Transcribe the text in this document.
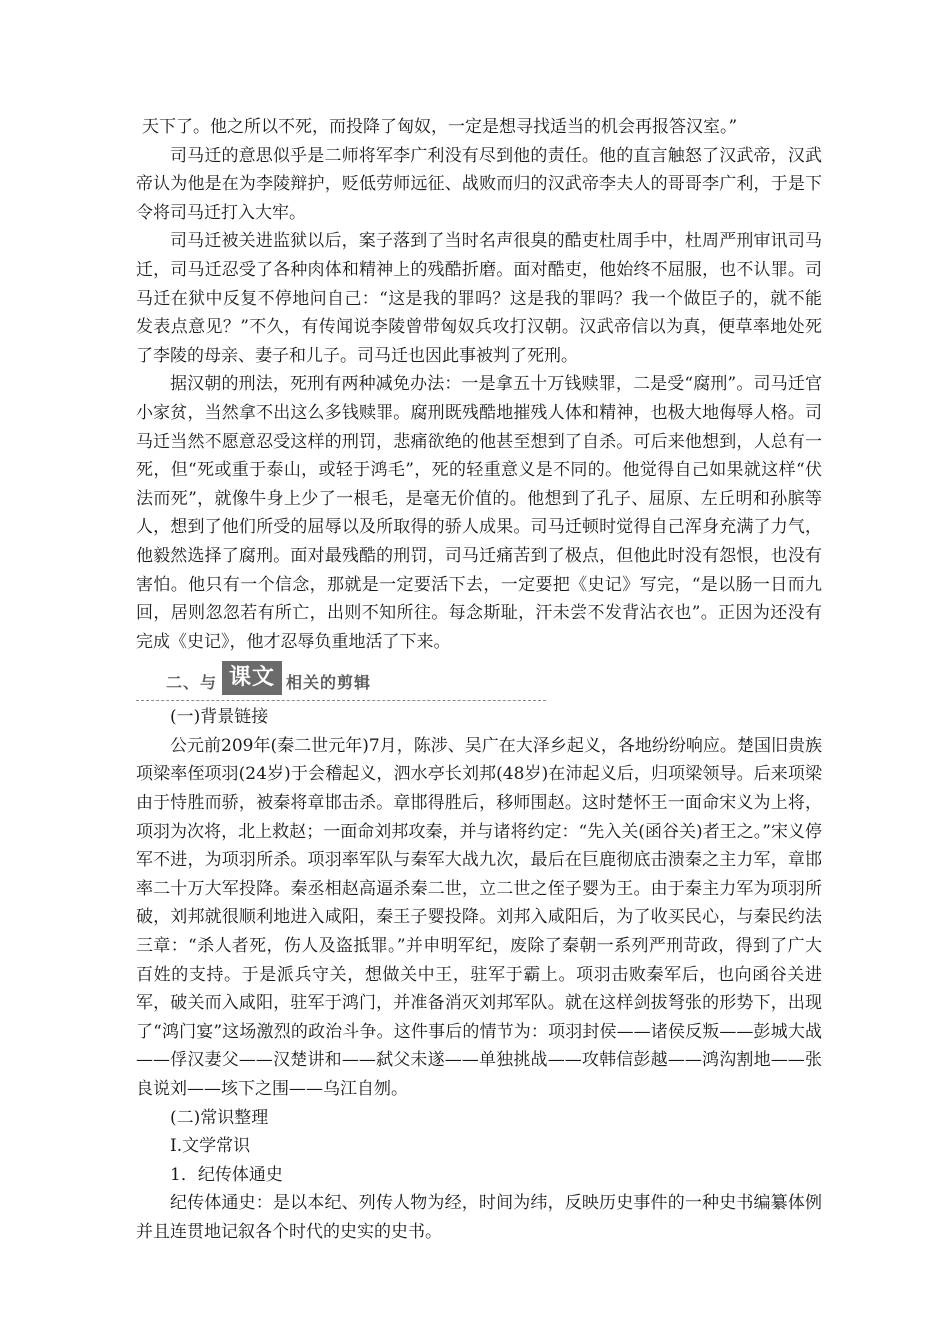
天下了。他之所以不死，而投降了匈奴，一定是想寻找适当的机会再报答汉室。”

司马迁的意思似乎是二师将军李广利没有尽到他的责任。他的直言触怒了汉武帝，汉武帝认为他是在为李陵辩护，贬低劳师远征、战败而归的汉武帝李夫人的哥哥李广利，于是下令将司马迁打入大牢。

司马迁被关进监狱以后，案子落到了当时名声很臭的酷吏杜周手中，杜周严刑审讯司马迁，司马迁忍受了各种肉体和精神上的残酷折磨。面对酷吏，他始终不屈服，也不认罪。司马迁在狱中反复不停地问自己：“这是我的罪吗？这是我的罪吗？我一个做臣子的，就不能发表点意见？”不久，有传闻说李陵曾带匈奴兵攻打汉朝。汉武帝信以为真，便草率地处死了李陵的母亲、妻子和儿子。司马迁也因此事被判了死刑。

据汉朝的刑法，死刑有两种减免办法：一是拿五十万钱赎罪，二是受“腐刑”。司马迁官小家贫，当然拿不出这么多钱赎罪。腐刑既残酷地摧残人体和精神，也极大地侮辱人格。司马迁当然不愿意忍受这样的刑罚，悲痛欲绝的他甚至想到了自杀。可后来他想到，人总有一死，但“死或重于泰山，或轻于鸿毛”，死的轻重意义是不同的。他觉得自己如果就这样“伏法而死”，就像牛身上少了一根毛，是毫无价值的。他想到了孔子、屈原、左丘明和孙膑等人，想到了他们所受的屈辱以及所取得的骄人成果。司马迁顿时觉得自己浑身充满了力气，他毅然选择了腐刑。面对最残酷的刑罚，司马迁痛苦到了极点，但他此时没有怨恨，也没有害怕。他只有一个信念，那就是一定要活下去，一定要把《史记》写完，“是以肠一日而九回，居则忽忽若有所亡，出则不知所往。每念斯耻，汗未尝不发背沾衣也”。正因为还没有完成《史记》，他才忍辱负重地活了下来。

二、与 课文 相关的剪辑

(一)背景链接

公元前209年(秦二世元年)7月，陈涉、吴广在大泽乡起义，各地纷纷响应。楚国旧贵族项梁率侄项羽(24岁)于会稽起义，泗水亭长刘邦(48岁)在沛起义后，归项梁领导。后来项梁由于恃胜而骄，被秦将章邯击杀。章邯得胜后，移师围赵。这时楚怀王一面命宋义为上将，项羽为次将，北上救赵；一面命刘邦攻秦，并与诸将约定：“先入关(函谷关)者王之。”宋义停军不进，为项羽所杀。项羽率军队与秦军大战九次，最后在巨鹿彻底击溃秦之主力军，章邯率二十万大军投降。秦丞相赵高逼杀秦二世，立二世之侄子婴为王。由于秦主力军为项羽所破，刘邦就很顺利地进入咸阳，秦王子婴投降。刘邦入咸阳后，为了收买民心，与秦民约法三章：“杀人者死，伤人及盗抵罪。”并申明军纪，废除了秦朝一系列严刑苛政，得到了广大百姓的支持。于是派兵守关，想做关中王，驻军于霸上。项羽击败秦军后，也向函谷关进军，破关而入咸阳，驻军于鸿门，并准备消灭刘邦军队。就在这样剑拔弩张的形势下，出现了“鸿门宴”这场激烈的政治斗争。这件事后的情节为：项羽封侯——诸侯反叛——彭城大战——俘汉妻父——汉楚讲和——弑父未遂——单独挑战——攻韩信彭越——鸿沟割地——张良说刘——垓下之围——乌江自刎。

(二)常识整理

Ⅰ.文学常识

1．纪传体通史

纪传体通史：是以本纪、列传人物为经，时间为纬，反映历史事件的一种史书编纂体例并且连贯地记叙各个时代的史实的史书。
